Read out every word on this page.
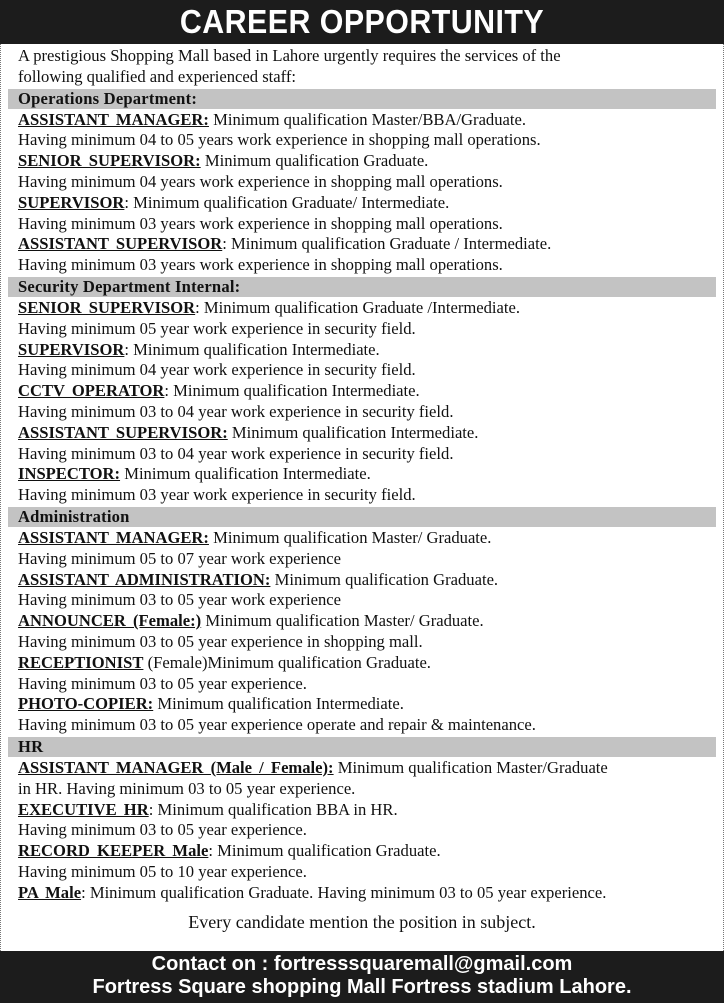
CAREER OPPORTUNITY
A prestigious Shopping Mall based in Lahore urgently requires the services of the
following qualified and experienced staff:
Operations Department:
ASSISTANT MANAGER: Minimum qualification Master/BBA/Graduate.
Having minimum 04 to 05 years work experience in shopping mall operations.
SENIOR SUPERVISOR: Minimum qualification Graduate.
Having minimum 04 years work experience in shopping mall operations.
SUPERVISOR: Minimum qualification Graduate/ Intermediate.
Having minimum 03 years work experience in shopping mall operations.
ASSISTANT SUPERVISOR: Minimum qualification Graduate / Intermediate.
Having minimum 03 years work experience in shopping mall operations.
Security Department Internal:
SENIOR SUPERVISOR: Minimum qualification Graduate /Intermediate.
Having minimum 05 year work experience in security field.
SUPERVISOR: Minimum qualification Intermediate.
Having minimum 04 year work experience in security field.
CCTV OPERATOR: Minimum qualification Intermediate.
Having minimum 03 to 04 year work experience in security field.
ASSISTANT SUPERVISOR: Minimum qualification Intermediate.
Having minimum 03 to 04 year work experience in security field.
INSPECTOR: Minimum qualification Intermediate.
Having minimum 03 year work experience in security field.
Administration
ASSISTANT MANAGER: Minimum qualification Master/ Graduate.
Having minimum 05 to 07 year work experience
ASSISTANT ADMINISTRATION: Minimum qualification Graduate.
Having minimum 03 to 05 year work experience
ANNOUNCER (Female:) Minimum qualification Master/ Graduate.
Having minimum 03 to 05 year experience in shopping mall.
RECEPTIONIST (Female)Minimum qualification Graduate.
Having minimum 03 to 05 year experience.
PHOTO-COPIER: Minimum qualification Intermediate.
Having minimum 03 to 05 year experience operate and repair & maintenance.
HR
ASSISTANT MANAGER (Male / Female): Minimum qualification Master/Graduate
in HR. Having minimum 03 to 05 year experience.
EXECUTIVE HR: Minimum qualification BBA in HR.
Having minimum 03 to 05 year experience.
RECORD KEEPER Male: Minimum qualification Graduate.
Having minimum 05 to 10 year experience.
PA Male: Minimum qualification Graduate. Having minimum 03 to 05 year experience.
Every candidate mention the position in subject.
Contact on : fortresssquaremall@gmail.com
Fortress Square shopping Mall Fortress stadium Lahore.
